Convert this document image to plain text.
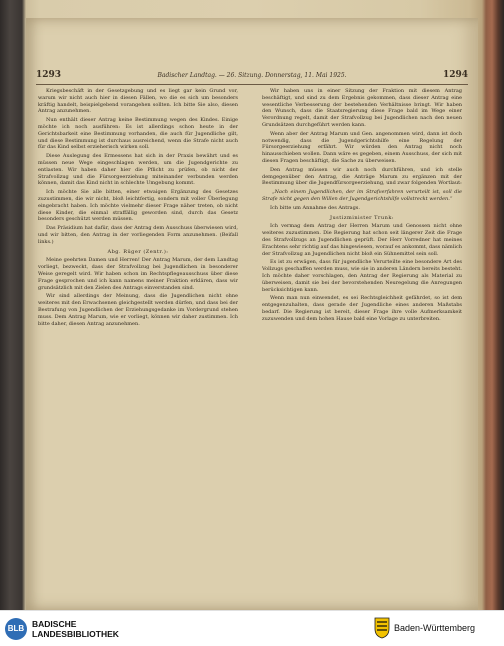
1293	Badischer Landtag. — 26. Sitzung. Donnerstag, 11. Mai 1925.	1294

Kriegsbeschäft in der Gesetzgebung und es liegt gar kein Grund vor, warum wir nicht auch hier in diesen Fällen, wo die es sich um besonders kräftig handelt, beispielgebend vorangehen sollten. Ich bitte Sie also, diesen Antrag anzunehmen.

Nun enthält dieser Antrag keine Bestimmung wegen des Kindes. Einige möchte ich noch ausführen: Es ist allerdings schon heute in der Gerichtsbarkeit eine Bestimmung vorhanden, die auch für Jugendliche gilt, und diese Bestimmung ist durchaus ausreichend, wenn die Strafe nicht auch für das Kind selbst erzieherisch wirken soll.

Diese Auslegung des Ermessens hat sich in der Praxis bewährt und es müssen neue Wege eingeschlagen werden, um die Jugendgerichte zu entlasten. Wir haben daher hier die Pflicht zu prüfen, ob nicht der Strafvollzug und die Fürsorgeerziehung miteinander verbunden werden können, damit das Kind nicht in schlechte Umgebung kommt.

Ich möchte Sie alle bitten, einer etwaigen Ergänzung des Gesetzes zuzustimmen, die wir nicht, bloß leichtfertig, sondern mit voller Überlegung eingebracht haben. Ich möchte vielmehr dieser Frage näher treten, ob nicht diese Kinder, die einmal straffällig geworden sind, durch das Gesetz besonders geschützt werden müssen.

Das Präsidium hat dafür, dass der Antrag dem Ausschuss überwiesen wird, und wir bitten, den Antrag in der vorliegenden Form anzunehmen. (Beifall links.)

Abg. Rüger (Zentr.):

Meine geehrten Damen und Herren! Der Antrag Marum, der dem Landtag vorliegt, bezweckt, dass der Strafvollzug bei Jugendlichen in besonderer Weise geregelt wird. Wir haben schon im Rechtspflegeausschuss über diese Frage gesprochen und ich kann namens meiner Fraktion erklären, dass wir grundsätzlich mit den Zielen des Antrags einverstanden sind.

Wir sind allerdings der Meinung, dass die Jugendlichen nicht ohne weiteres mit den Erwachsenen gleichgestellt werden dürfen, und dass bei der Bestrafung von Jugendlichen der Erziehungsgedanke im Vordergrund stehen muss. Dem Antrag Marum, wie er vorliegt, können wir daher zustimmen. Ich bitte daher, diesen Antrag anzunehmen.

Wir haben uns in einer Sitzung der Fraktion mit diesem Antrag beschäftigt, und sind zu dem Ergebnis gekommen, dass dieser Antrag eine wesentliche Verbesserung der bestehenden Verhältnisse bringt. Wir haben den Wunsch, dass die Staatsregierung diese Frage bald im Wege einer Verordnung regelt, damit der Strafvollzug bei Jugendlichen nach den neuen Grundsätzen durchgeführt werden kann.

Wenn aber der Antrag Marum und Gen. angenommen wird, dann ist doch notwendig, dass die Jugendgerichtshilfe eine Regelung der Fürsorgeerziehung erfährt. Wir würden den Antrag nicht noch hinausschieben wollen. Dann wäre es gegeben, einem Ausschuss, der sich mit diesen Fragen beschäftigt, die Sache zu überweisen.

Den Antrag müssen wir auch noch durchführen, und ich stelle demgegenüber den Antrag, die Anträge Marum zu ergänzen mit der Bestimmung über die Jugendfürsorgeerziehung, und zwar folgenden Wortlaut:

„Nach einem Jugendlichen, der im Strafverfahren verurteilt ist, soll die Strafe nicht gegen den Willen der Jugendgerichtshilfe vollstreckt werden.“

Ich bitte um Annahme des Antrags.

Justizminister Trunk:

Ich vermag dem Antrag der Herren Marum und Genossen nicht ohne weiteres zuzustimmen. Die Regierung hat schon seit längerer Zeit die Frage des Strafvollzugs an Jugendlichen geprüft. Der Herr Vorredner hat meines Erachtens sehr richtig auf das hingewiesen, worauf es ankommt, dass nämlich der Strafvollzug an Jugendlichen nicht bloß ein Sühnemittel sein soll.

Es ist zu erwägen, dass für jugendliche Verurteilte eine besondere Art des Vollzugs geschaffen werden muss, wie sie in anderen Ländern bereits besteht. Ich möchte daher vorschlagen, den Antrag der Regierung als Material zu überweisen, damit sie bei der bevorstehenden Neuregelung die Anregungen berücksichtigen kann.

Wenn man nun einwendet, es sei Rechtsgleichheit gefährdet, so ist dem entgegenzuhalten, dass gerade der Jugendliche eines anderen Maßstabs bedarf. Die Regierung ist bereit, dieser Frage ihre volle Aufmerksamkeit zuzuwenden und dem hohen Hause bald eine Vorlage zu unterbreiten.

BLB BADISCHE
LANDESBIBLIOTHEK
Baden-Württemberg
